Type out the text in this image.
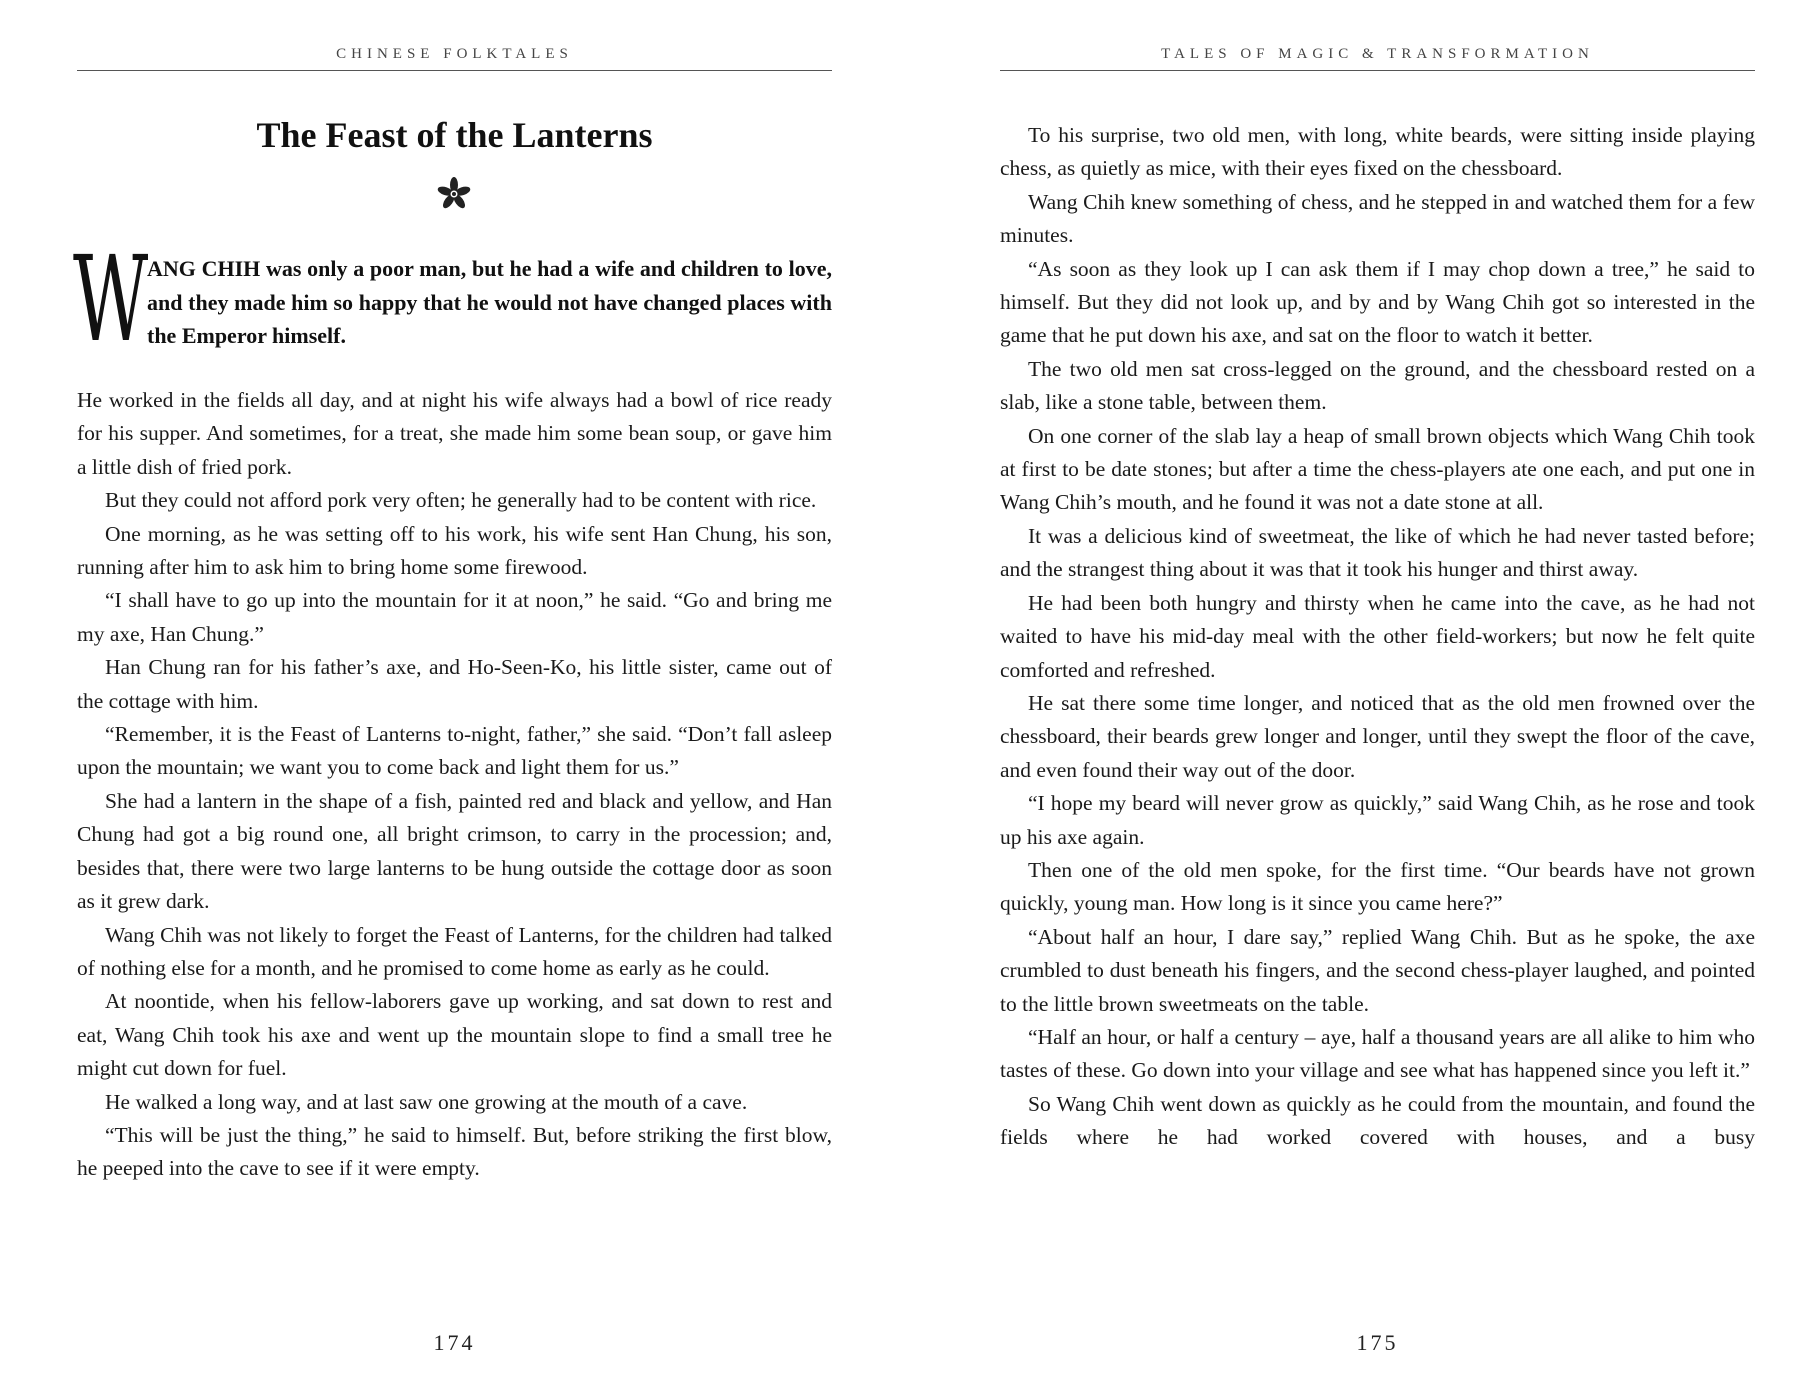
CHINESE FOLKTALES
The Feast of the Lanterns
W
ANG CHIH was only a poor man, but he had a wife and children to love, and they made him so happy that he would not have changed places with the Emperor himself.

He worked in the fields all day, and at night his wife always had a bowl of rice ready for his supper. And sometimes, for a treat, she made him some bean soup, or gave him a little dish of fried pork.

But they could not afford pork very often; he generally had to be content with rice.

One morning, as he was setting off to his work, his wife sent Han Chung, his son, running after him to ask him to bring home some firewood.

“I shall have to go up into the mountain for it at noon,” he said. “Go and bring me my axe, Han Chung.”

Han Chung ran for his father’s axe, and Ho-Seen-Ko, his little sister, came out of the cottage with him.

“Remember, it is the Feast of Lanterns to-night, father,” she said. “Don’t fall asleep upon the mountain; we want you to come back and light them for us.”

She had a lantern in the shape of a fish, painted red and black and yellow, and Han Chung had got a big round one, all bright crimson, to carry in the procession; and, besides that, there were two large lanterns to be hung outside the cottage door as soon as it grew dark.

Wang Chih was not likely to forget the Feast of Lanterns, for the children had talked of nothing else for a month, and he promised to come home as early as he could.

At noontide, when his fellow-laborers gave up working, and sat down to rest and eat, Wang Chih took his axe and went up the mountain slope to find a small tree he might cut down for fuel.

He walked a long way, and at last saw one growing at the mouth of a cave.

“This will be just the thing,” he said to himself. But, before striking the first blow, he peeped into the cave to see if it were empty.

174
TALES OF MAGIC & TRANSFORMATION

To his surprise, two old men, with long, white beards, were sitting inside playing chess, as quietly as mice, with their eyes fixed on the chessboard.

Wang Chih knew something of chess, and he stepped in and watched them for a few minutes.

“As soon as they look up I can ask them if I may chop down a tree,” he said to himself. But they did not look up, and by and by Wang Chih got so interested in the game that he put down his axe, and sat on the floor to watch it better.

The two old men sat cross-legged on the ground, and the chessboard rested on a slab, like a stone table, between them.

On one corner of the slab lay a heap of small brown objects which Wang Chih took at first to be date stones; but after a time the chess-players ate one each, and put one in Wang Chih’s mouth, and he found it was not a date stone at all.

It was a delicious kind of sweetmeat, the like of which he had never tasted before; and the strangest thing about it was that it took his hunger and thirst away.

He had been both hungry and thirsty when he came into the cave, as he had not waited to have his mid-day meal with the other field-workers; but now he felt quite comforted and refreshed.

He sat there some time longer, and noticed that as the old men frowned over the chessboard, their beards grew longer and longer, until they swept the floor of the cave, and even found their way out of the door.

“I hope my beard will never grow as quickly,” said Wang Chih, as he rose and took up his axe again.

Then one of the old men spoke, for the first time. “Our beards have not grown quickly, young man. How long is it since you came here?”

“About half an hour, I dare say,” replied Wang Chih. But as he spoke, the axe crumbled to dust beneath his fingers, and the second chess-player laughed, and pointed to the little brown sweetmeats on the table.

“Half an hour, or half a century – aye, half a thousand years are all alike to him who tastes of these. Go down into your village and see what has happened since you left it.”

So Wang Chih went down as quickly as he could from the mountain, and found the fields where he had worked covered with houses, and a busy

175
